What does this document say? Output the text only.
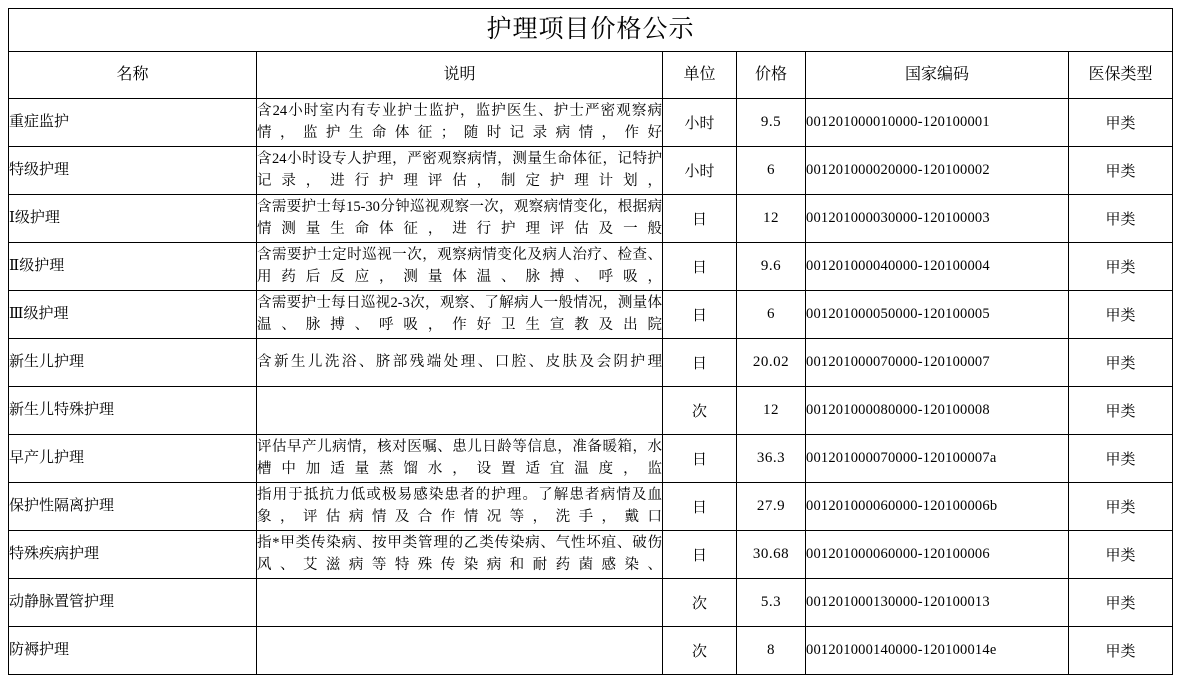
护理项目价格公示					
名称	说明	单位	价格	国家编码	医保类型
重症监护	含24小时室内有专业护士监护，监护医生、护士严密观察病情，监护生命体征；随时记录病情，作好	小时	9.5	001201000010000-120100001	甲类
特级护理	含24小时设专人护理，严密观察病情，测量生命体征，记特护记录，进行护理评估，制定护理计划，	小时	6	001201000020000-120100002	甲类
Ⅰ级护理	含需要护士每15-30分钟巡视观察一次，观察病情变化，根据病情测量生命体征，进行护理评估及一般	日	12	001201000030000-120100003	甲类
Ⅱ级护理	含需要护士定时巡视一次，观察病情变化及病人治疗、检查、用药后反应，测量体温、脉搏、呼吸，	日	9.6	001201000040000-120100004	甲类
Ⅲ级护理	含需要护士每日巡视2-3次，观察、了解病人一般情况，测量体温、脉搏、呼吸，作好卫生宣教及出院	日	6	001201000050000-120100005	甲类
新生儿护理	含新生儿洗浴、脐部残端处理、口腔、皮肤及会阴护理	日	20.02	001201000070000-120100007	甲类
新生儿特殊护理		次	12	001201000080000-120100008	甲类
早产儿护理	评估早产儿病情，核对医嘱、患儿日龄等信息，准备暖箱，水槽中加适量蒸馏水，设置适宜温度，监	日	36.3	001201000070000-120100007a	甲类
保护性隔离护理	指用于抵抗力低或极易感染患者的护理。了解患者病情及血象，评估病情及合作情况等，洗手，戴口	日	27.9	001201000060000-120100006b	甲类
特殊疾病护理	指*甲类传染病、按甲类管理的乙类传染病、气性坏疽、破伤风、艾滋病等特殊传染病和耐药菌感染、	日	30.68	001201000060000-120100006	甲类
动静脉置管护理		次	5.3	001201000130000-120100013	甲类
防褥护理		次	8	001201000140000-120100014e	甲类
